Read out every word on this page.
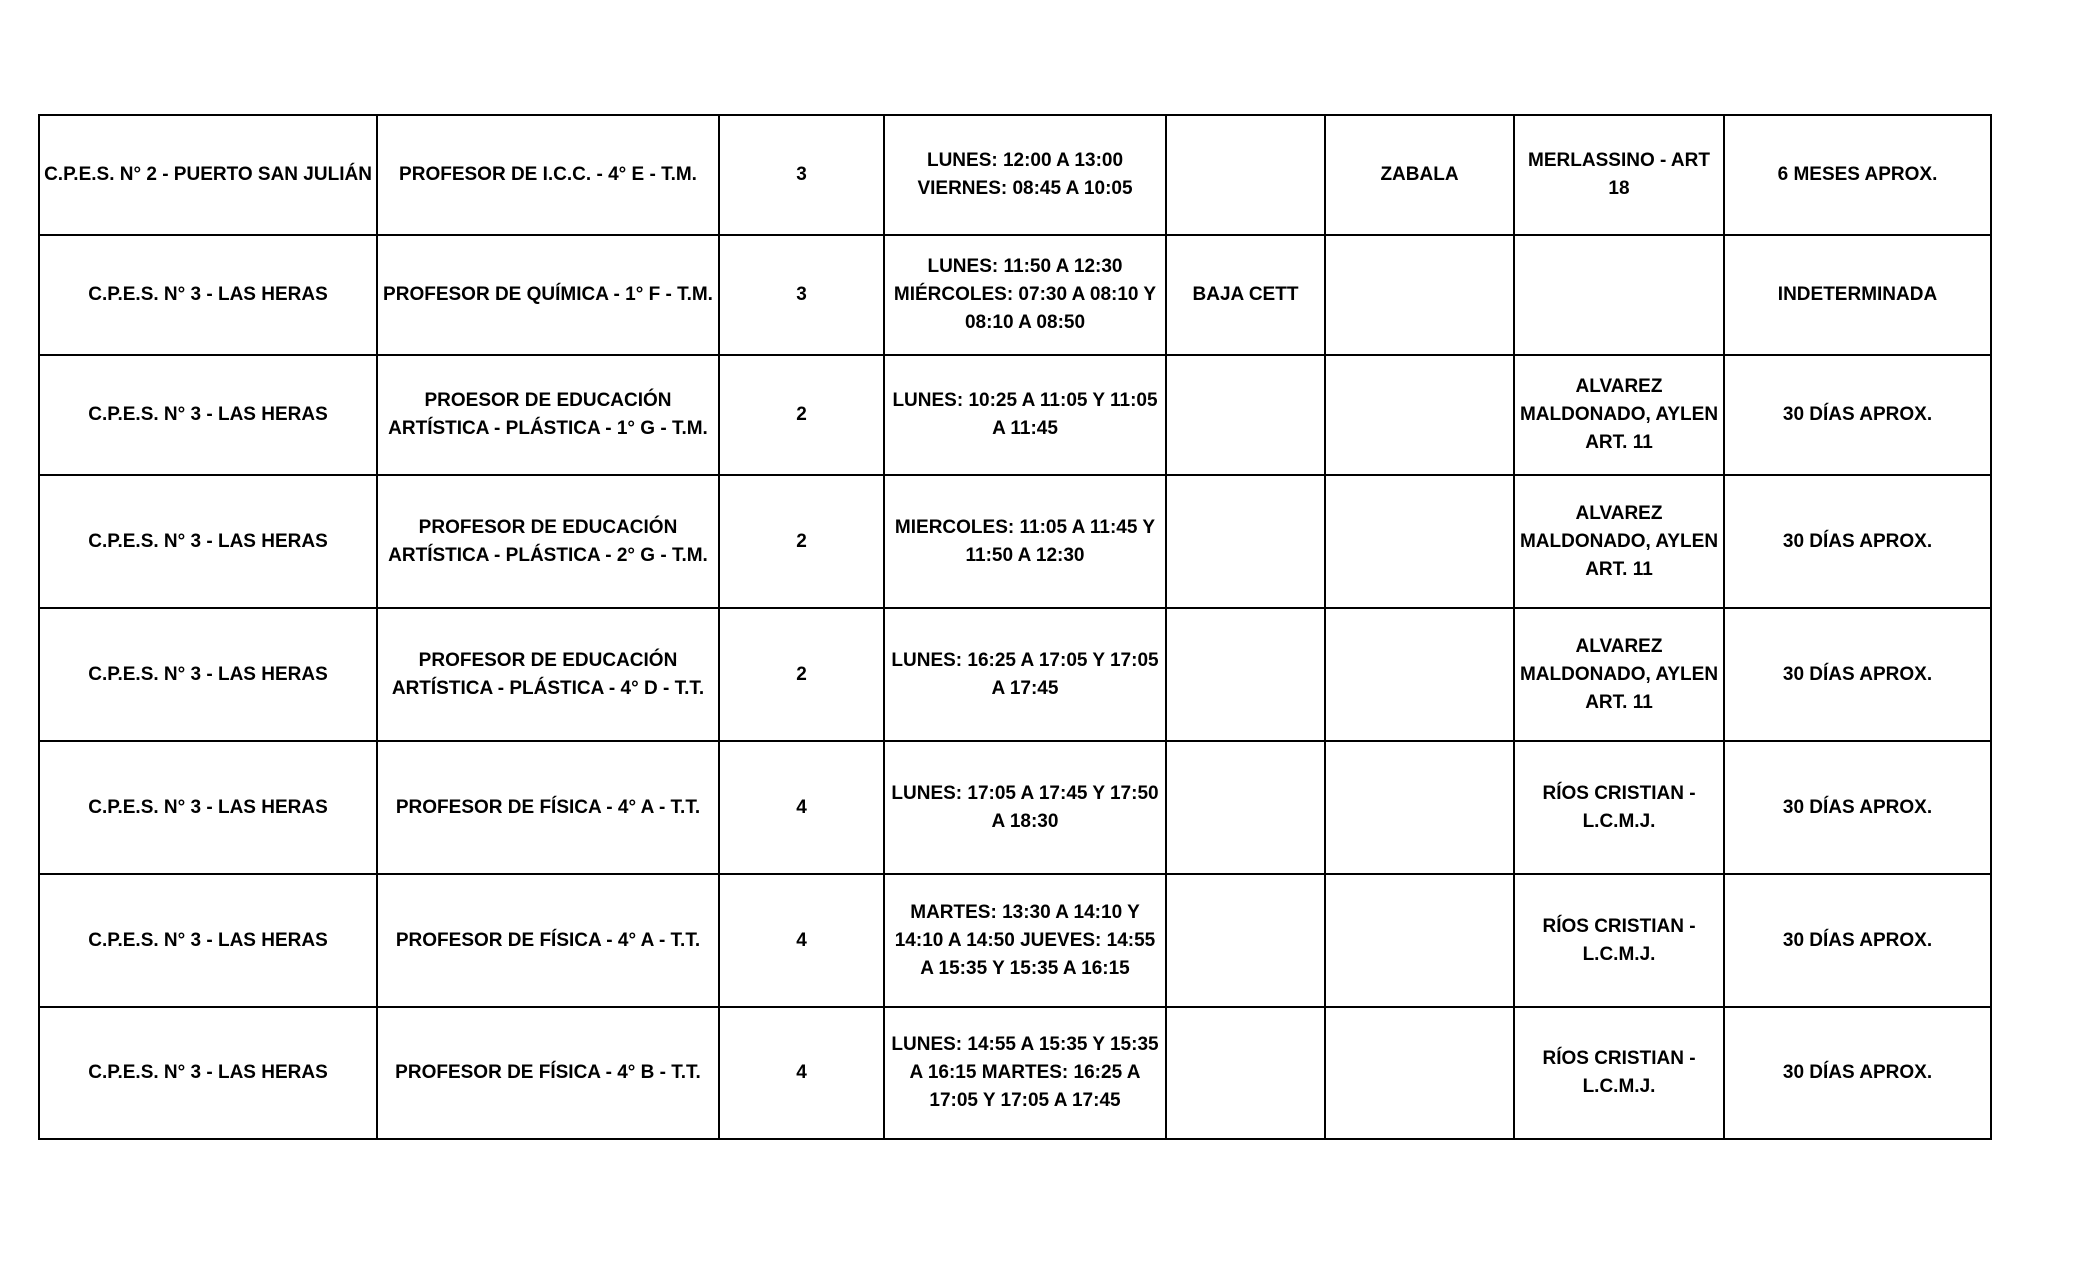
C.P.E.S. N° 2 - PUERTO SAN JULIÁN	PROFESOR DE I.C.C. - 4° E - T.M.	3	LUNES: 12:00 A 13:00 VIERNES: 08:45 A 10:05		ZABALA	MERLASSINO - ART 18	6 MESES APROX.
C.P.E.S. N° 3 - LAS HERAS	PROFESOR DE QUÍMICA - 1° F - T.M.	3	LUNES: 11:50 A 12:30 MIÉRCOLES: 07:30 A 08:10 Y 08:10 A 08:50	BAJA CETT			INDETERMINADA
C.P.E.S. N° 3 - LAS HERAS	PROESOR DE EDUCACIÓN ARTÍSTICA - PLÁSTICA - 1° G - T.M.	2	LUNES: 10:25 A 11:05 Y 11:05 A 11:45			ALVAREZ MALDONADO, AYLEN ART. 11	30 DÍAS APROX.
C.P.E.S. N° 3 - LAS HERAS	PROFESOR DE EDUCACIÓN ARTÍSTICA - PLÁSTICA - 2° G - T.M.	2	MIERCOLES: 11:05 A 11:45 Y 11:50 A 12:30			ALVAREZ MALDONADO, AYLEN ART. 11	30 DÍAS APROX.
C.P.E.S. N° 3 - LAS HERAS	PROFESOR DE EDUCACIÓN ARTÍSTICA - PLÁSTICA - 4° D - T.T.	2	LUNES: 16:25 A 17:05 Y 17:05 A 17:45			ALVAREZ MALDONADO, AYLEN ART. 11	30 DÍAS APROX.
C.P.E.S. N° 3 - LAS HERAS	PROFESOR DE FÍSICA - 4° A - T.T.	4	LUNES: 17:05 A 17:45 Y 17:50 A 18:30			RÍOS CRISTIAN - L.C.M.J.	30 DÍAS APROX.
C.P.E.S. N° 3 - LAS HERAS	PROFESOR DE FÍSICA - 4° A - T.T.	4	MARTES: 13:30 A 14:10 Y 14:10 A 14:50 JUEVES: 14:55 A 15:35 Y 15:35 A 16:15			RÍOS CRISTIAN - L.C.M.J.	30 DÍAS APROX.
C.P.E.S. N° 3 - LAS HERAS	PROFESOR DE FÍSICA - 4° B - T.T.	4	LUNES: 14:55 A 15:35 Y 15:35 A 16:15 MARTES: 16:25 A 17:05 Y 17:05 A 17:45			RÍOS CRISTIAN - L.C.M.J.	30 DÍAS APROX.
